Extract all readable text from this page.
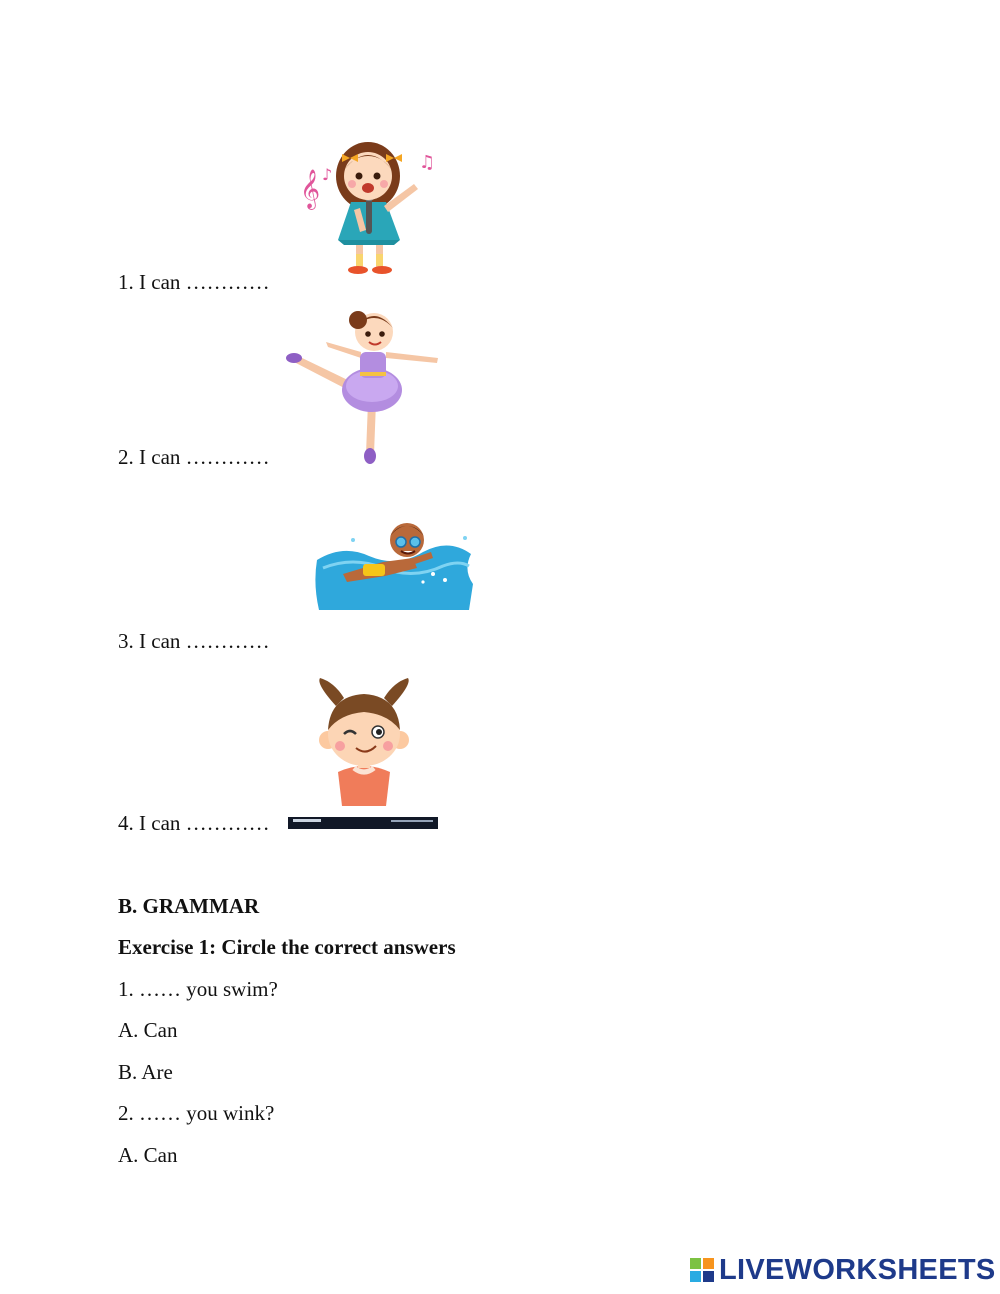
1. I can …………
2. I can …………
3. I can …………
4. I can …………
𝄞 ♪
♫
B. GRAMMAR
Exercise 1: Circle the correct answers
1. …… you swim?
A. Can
B. Are
2. …… you wink?
A. Can
LIVEWORKSHEETS
